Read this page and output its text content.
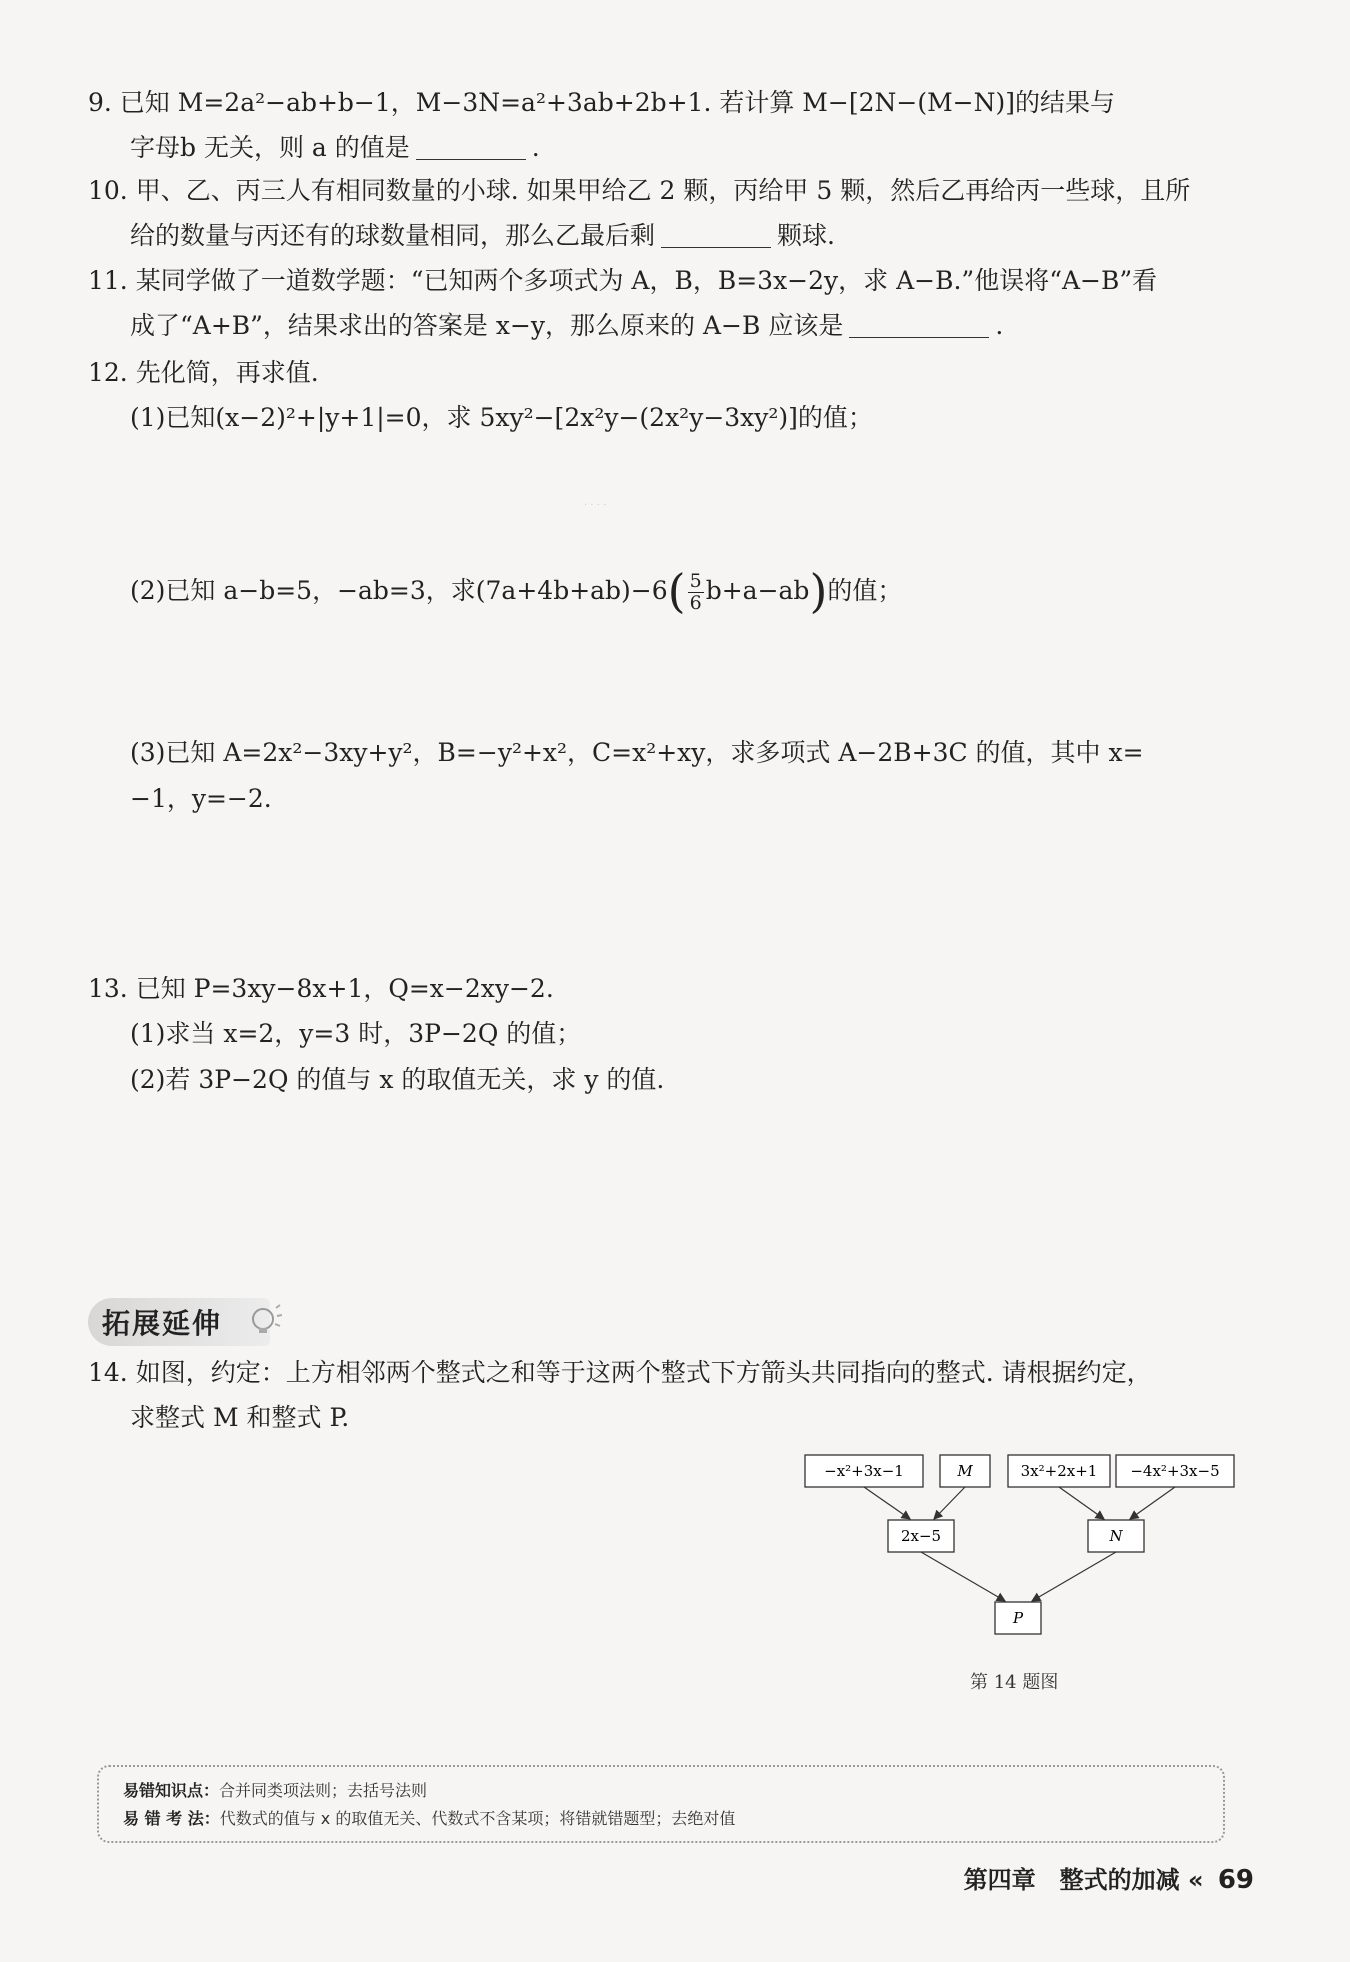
9. 已知 M=2a²−ab+b−1，M−3N=a²+3ab+2b+1. 若计算 M−[2N−(M−N)]的结果与
字母b 无关，则 a 的值是	.
10. 甲、乙、丙三人有相同数量的小球. 如果甲给乙 2 颗，丙给甲 5 颗，然后乙再给丙一些球，且所
给的数量与丙还有的球数量相同，那么乙最后剩	颗球.
11. 某同学做了一道数学题：“已知两个多项式为 A，B，B=3x−2y，求 A−B.”他误将“A−B”看
成了“A+B”，结果求出的答案是 x−y，那么原来的 A−B 应该是	.
12. 先化简，再求值.
(1)已知(x−2)²+|y+1|=0，求 5xy²−[2x²y−(2x²y−3xy²)]的值；
· · · ·
(2)已知 a−b=5，−ab=3，求$(7a+4b+ab)-6( \frac{5}{6} b+a-ab)$的值；
(3)已知 A=2x²−3xy+y²，B=−y²+x²，C=x²+xy，求多项式 A−2B+3C 的值，其中 x=
−1，y=−2.
13. 已知 P=3xy−8x+1，Q=x−2xy−2.
(1)求当 x=2，y=3 时，3P−2Q 的值；
(2)若 3P−2Q 的值与 x 的取值无关，求 y 的值.
拓展延伸
14. 如图，约定：上方相邻两个整式之和等于这两个整式下方箭头共同指向的整式. 请根据约定，
求整式 M 和整式 P.
−x²+3x−1	M	3x²+2x+1 −4x²+3x−5
2x−5	N
P
第 14 题图
易错知识点：合并同类项法则；去括号法则
易 错 考 法：代数式的值与 x 的取值无关、代数式不含某项；将错就错题型；去绝对值
第四章　整式的加减 « 69
